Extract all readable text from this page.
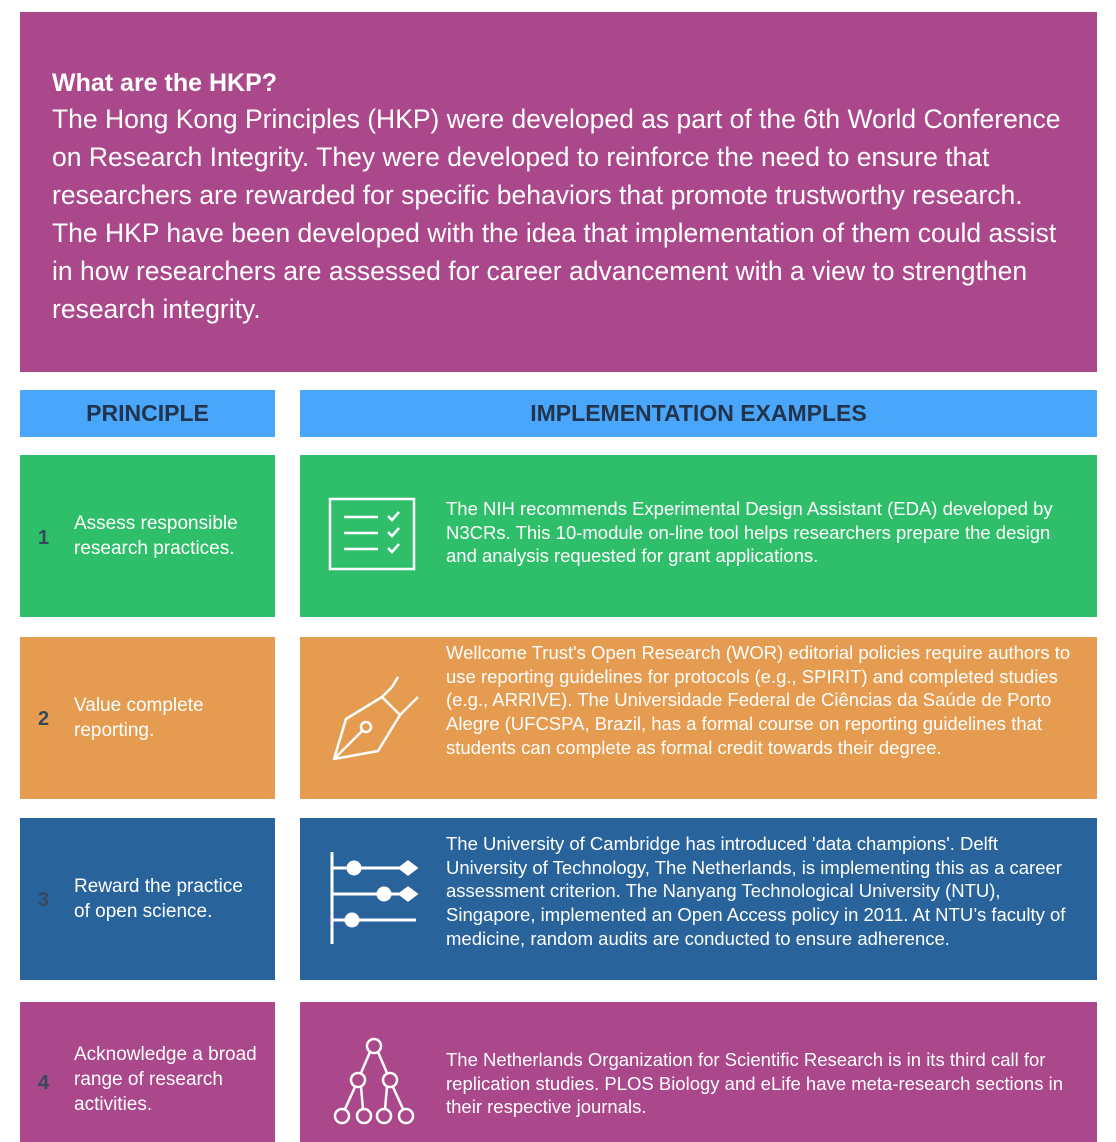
What are the HKP?

The Hong Kong Principles (HKP) were developed as part of the 6th World Conference on Research Integrity. They were developed to reinforce the need to ensure that researchers are rewarded for specific behaviors that promote trustworthy research. The HKP have been developed with the idea that implementation of them could assist in how researchers are assessed for career advancement with a view to strengthen research integrity.

PRINCIPLE	IMPLEMENTATION EXAMPLES
1
Assess responsible research practices.
The NIH recommends Experimental Design Assistant (EDA) developed by N3CRs. This 10-module on-line tool helps researchers prepare the design and analysis requested for grant applications.
2
Value complete reporting.
Wellcome Trust's Open Research (WOR) editorial policies require authors to use reporting guidelines for protocols (e.g., SPIRIT) and completed studies (e.g., ARRIVE). The Universidade Federal de Ciências da Saúde de Porto Alegre (UFCSPA, Brazil, has a formal course on reporting guidelines that students can complete as formal credit towards their degree.
3
Reward the practice of open science.
The University of Cambridge has introduced 'data champions'. Delft University of Technology, The Netherlands, is implementing this as a career assessment criterion. The Nanyang Technological University (NTU), Singapore, implemented an Open Access policy in 2011. At NTU’s faculty of medicine, random audits are conducted to ensure adherence.
4
Acknowledge a broad range of research activities.
The Netherlands Organization for Scientific Research is in its third call for replication studies. PLOS Biology and eLife have meta-research sections in their respective journals.
